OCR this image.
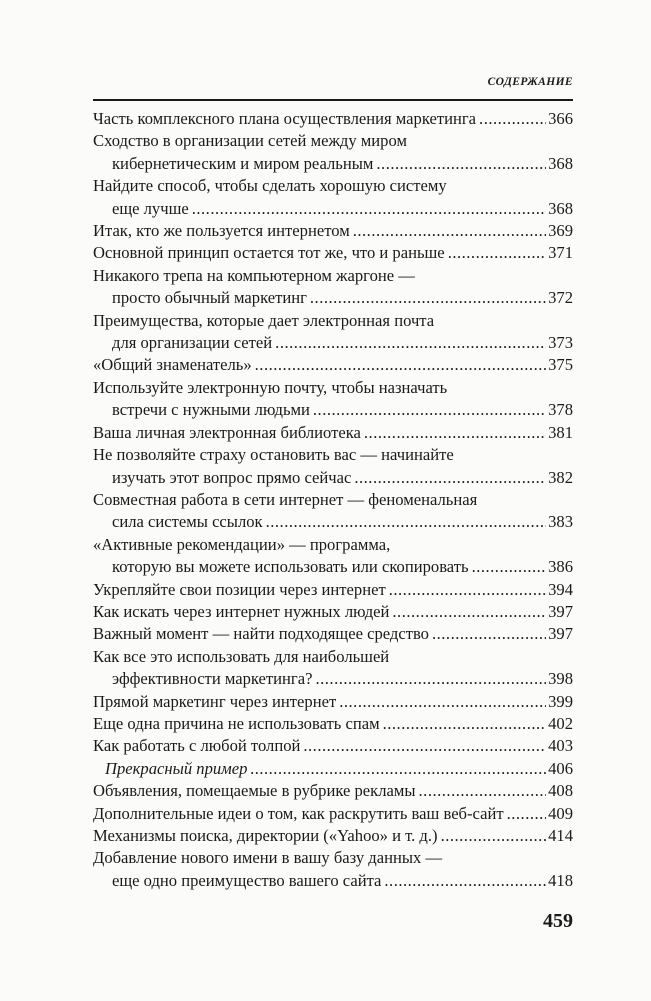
СОДЕРЖАНИЕ
Часть комплексного плана осуществления маркетинга .....	366
Сходство в организации сетей между миром
кибернетическим и миром реальным .....	368
Найдите способ, чтобы сделать хорошую систему
еще лучше .....	368
Итак, кто же пользуется интернетом .....	369
Основной принцип остается тот же, что и раньше .....	371
Никакого трепа на компьютерном жаргоне —
просто обычный маркетинг .....	372
Преимущества, которые дает электронная почта
для организации сетей .....	373
«Общий знаменатель» .....	375
Используйте электронную почту, чтобы назначать
встречи с нужными людьми .....	378
Ваша личная электронная библиотека .....	381
Не позволяйте страху остановить вас — начинайте
изучать этот вопрос прямо сейчас .....	382
Совместная работа в сети интернет — феноменальная
сила системы ссылок .....	383
«Активные рекомендации» — программа,
которую вы можете использовать или скопировать .....	386
Укрепляйте свои позиции через интернет .....	394
Как искать через интернет нужных людей .....	397
Важный момент — найти подходящее средство .....	397
Как все это использовать для наибольшей
эффективности маркетинга? .....	398
Прямой маркетинг через интернет .....	399
Еще одна причина не использовать спам .....	402
Как работать с любой толпой .....	403
Прекрасный пример .....	406
Объявления, помещаемые в рубрике рекламы .....	408
Дополнительные идеи о том, как раскрутить ваш веб-сайт .....	409
Механизмы поиска, директории («Yahoo» и т. д.) .....	414
Добавление нового имени в вашу базу данных —
еще одно преимущество вашего сайта .....	418
459
